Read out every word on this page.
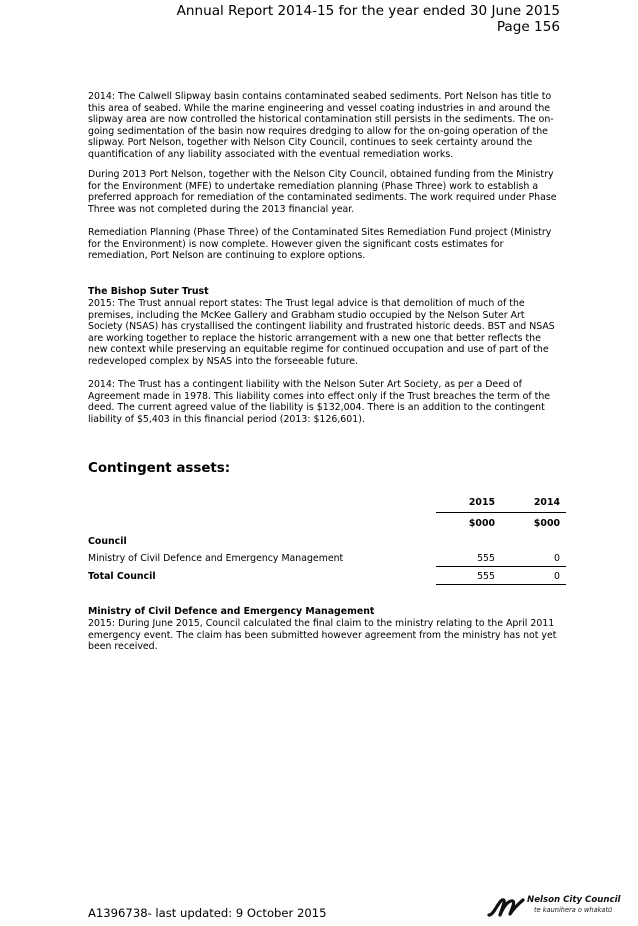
Annual Report 2014-15 for the year ended 30 June 2015
Page 156

2014: The Calwell Slipway basin contains contaminated seabed sediments. Port Nelson has title to this area of seabed. While the marine engineering and vessel coating industries in and around the slipway area are now controlled the historical contamination still persists in the sediments. The on-going sedimentation of the basin now requires dredging to allow for the on-going operation of the slipway. Port Nelson, together with Nelson City Council, continues to seek certainty around the quantification of any liability associated with the eventual remediation works.

During 2013 Port Nelson, together with the Nelson City Council, obtained funding from the Ministry for the Environment (MFE) to undertake remediation planning (Phase Three) work to establish a preferred approach for remediation of the contaminated sediments. The work required under Phase Three was not completed during the 2013 financial year.

Remediation Planning (Phase Three) of the Contaminated Sites Remediation Fund project (Ministry for the Environment) is now complete. However given the significant costs estimates for remediation, Port Nelson are continuing to explore options.

The Bishop Suter Trust

2015: The Trust annual report states: The Trust legal advice is that demolition of much of the premises, including the McKee Gallery and Grabham studio occupied by the Nelson Suter Art Society (NSAS) has crystallised the contingent liability and frustrated historic deeds. BST and NSAS are working together to replace the historic arrangement with a new one that better reflects the new context while preserving an equitable regime for continued occupation and use of part of the redeveloped complex by NSAS into the forseeable future.

2014: The Trust has a contingent liability with the Nelson Suter Art Society, as per a Deed of Agreement made in 1978. This liability comes into effect only if the Trust breaches the term of the deed. The current agreed value of the liability is $132,004. There is an addition to the contingent liability of $5,403 in this financial period (2013: $126,601).

Contingent assets:
2015	2014
$000	$000
Council
Ministry of Civil Defence and Emergency Management	555	0
Total Council	555	0

Ministry of Civil Defence and Emergency Management

2015: During June 2015, Council calculated the final claim to the ministry relating to the April 2011 emergency event. The claim has been submitted however agreement from the ministry has not yet been received.

A1396738- last updated: 9 October 2015
Nelson City Council
te kaunihera o whakatū
